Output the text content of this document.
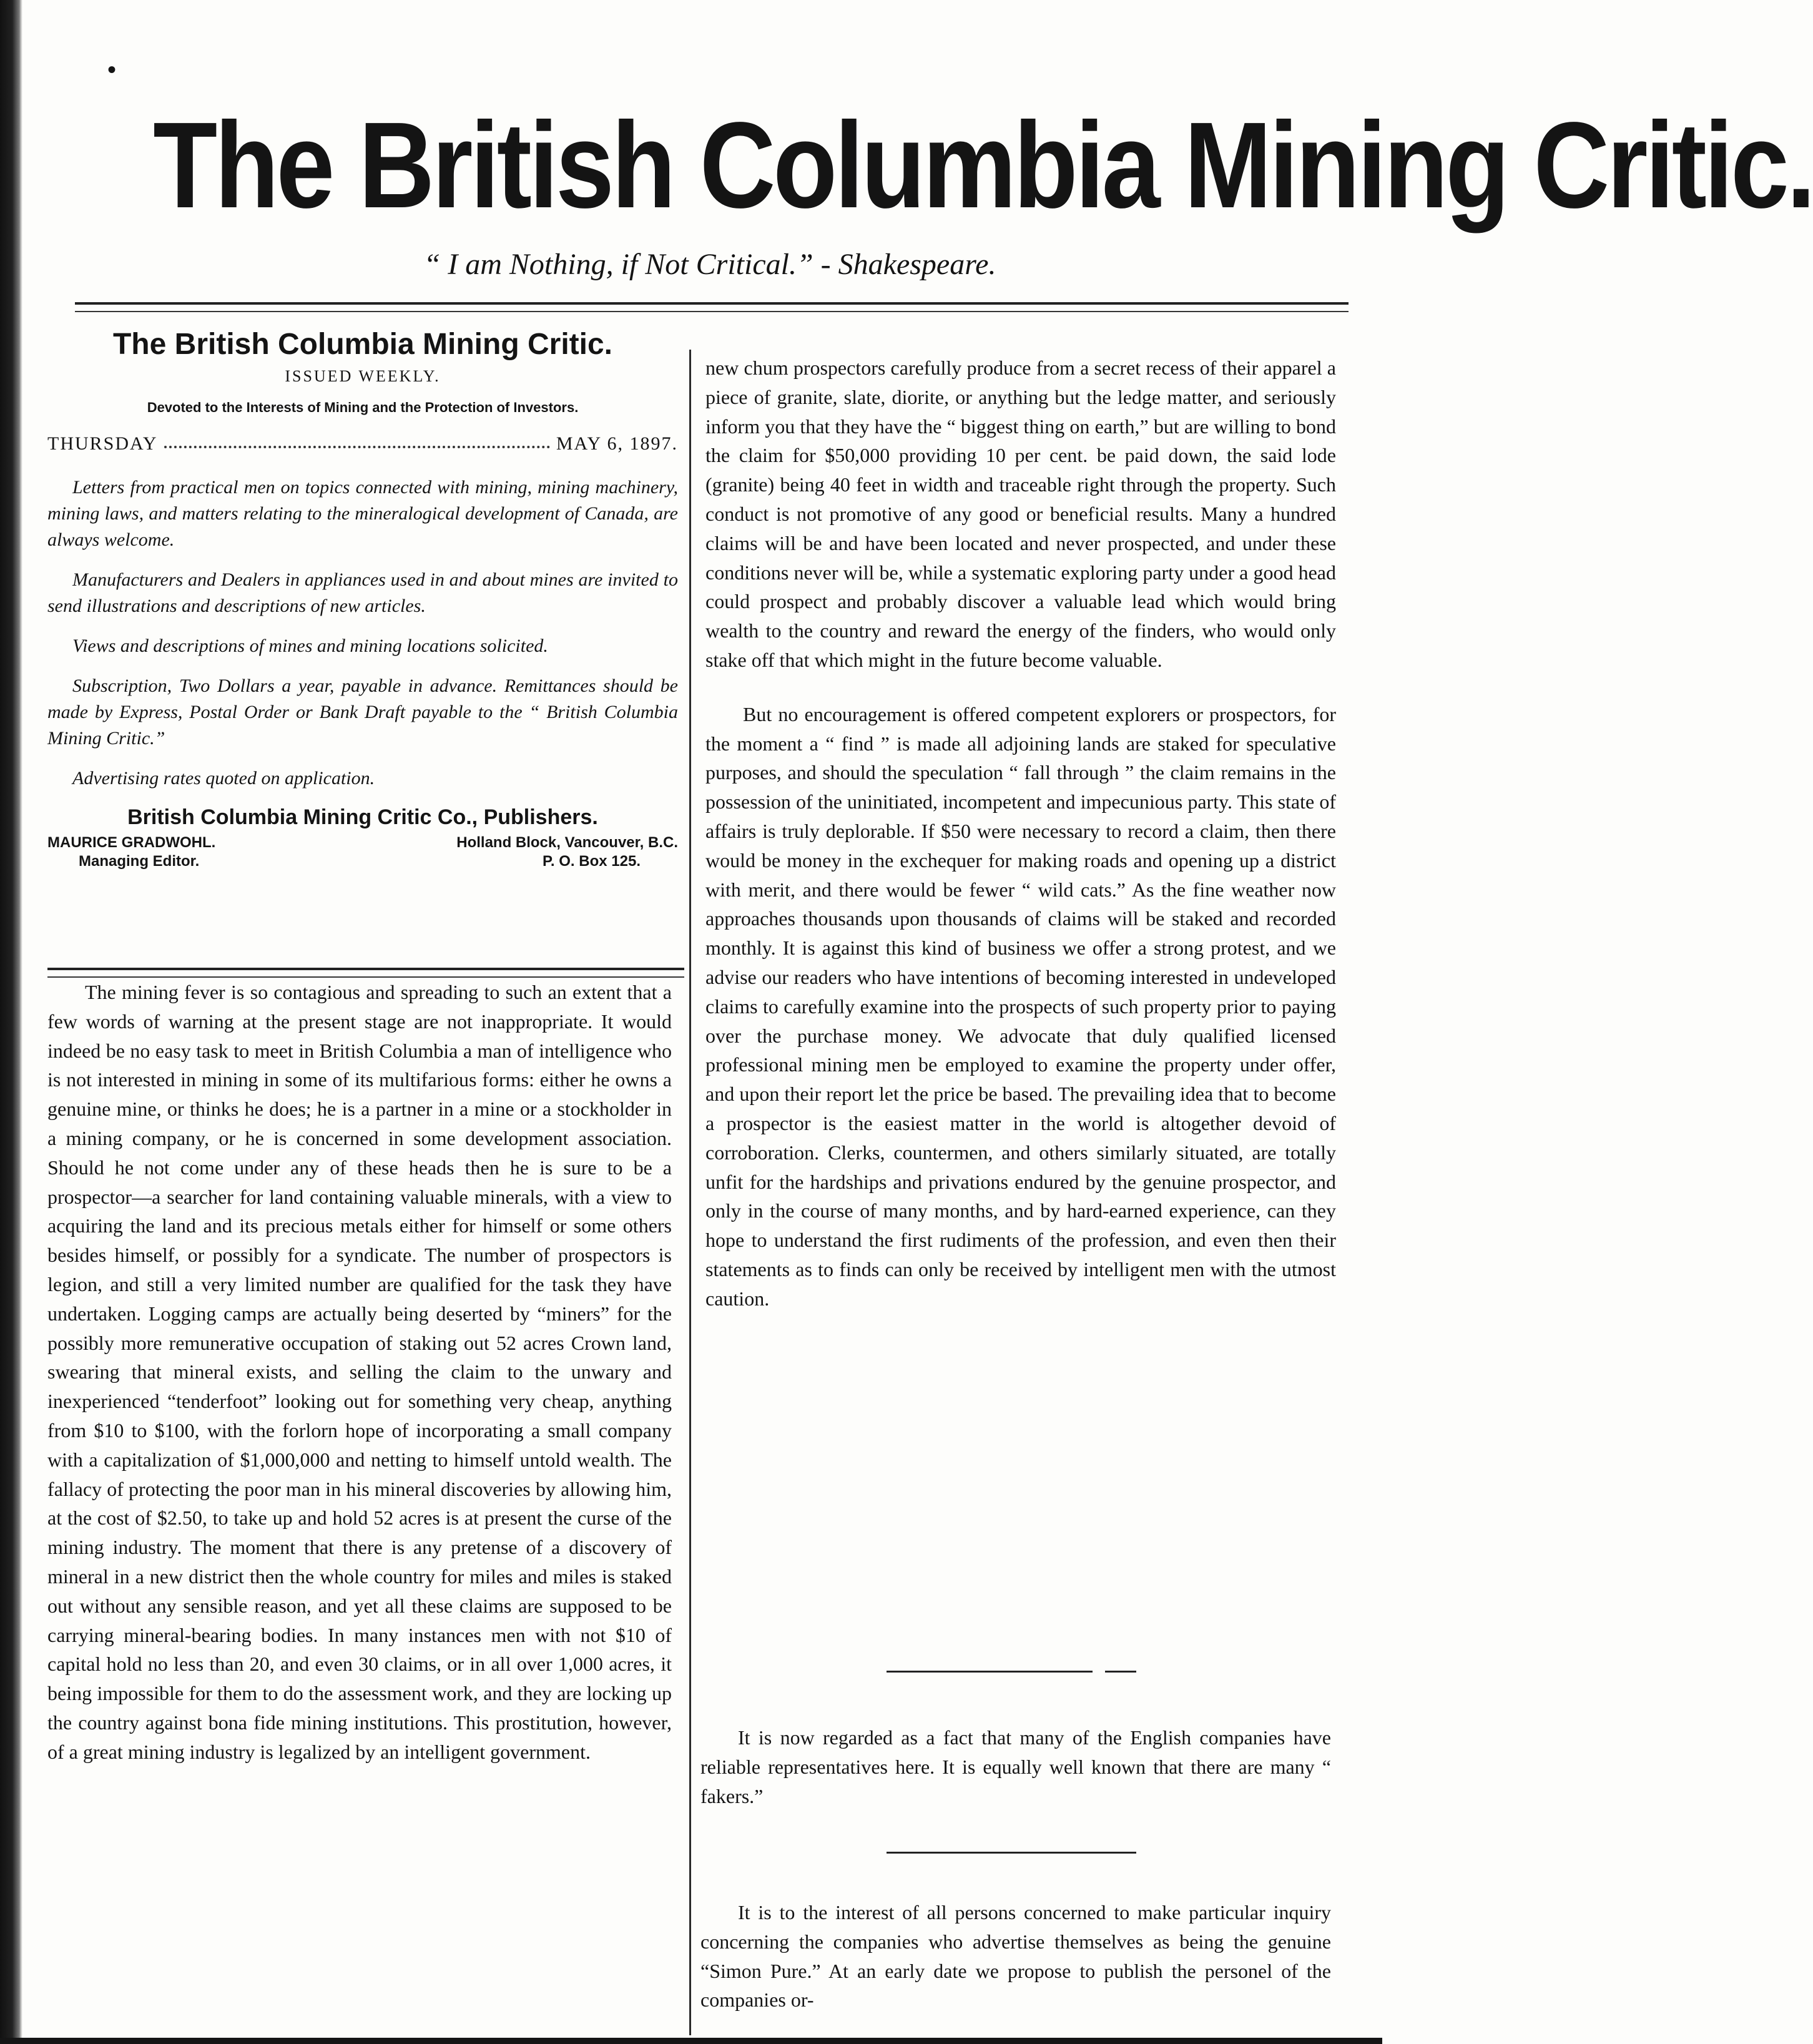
•
The British Columbia Mining Critic.
“ I am Nothing, if Not Critical.” - Shakespeare.
The British Columbia Mining Critic.
ISSUED WEEKLY.
Devoted to the Interests of Mining and the Protection of Investors.
THURSDAY	MAY 6, 1897.

Letters from practical men on topics connected with mining, mining machinery, mining laws, and matters relating to the mineralogical development of Canada, are always welcome.

Manufacturers and Dealers in appliances used in and about mines are invited to send illustrations and descriptions of new articles.

Views and descriptions of mines and mining locations solicited.

Subscription, Two Dollars a year, payable in advance. Remittances should be made by Express, Postal Order or Bank Draft payable to the “ British Columbia Mining Critic.”

Advertising rates quoted on application.

British Columbia Mining Critic Co., Publishers.
MAURICE GRADWOHL.
Managing Editor.
Holland Block, Vancouver, B.C.
P. O. Box 125.

The mining fever is so contagious and spreading to such an extent that a few words of warning at the present stage are not inappropriate. It would indeed be no easy task to meet in British Columbia a man of intelligence who is not interested in mining in some of its multifarious forms: either he owns a genuine mine, or thinks he does; he is a partner in a mine or a stockholder in a mining company, or he is concerned in some development association. Should he not come under any of these heads then he is sure to be a prospector—a searcher for land containing valuable minerals, with a view to acquiring the land and its precious metals either for himself or some others besides himself, or possibly for a syndicate. The number of prospectors is legion, and still a very limited number are qualified for the task they have undertaken. Logging camps are actually being deserted by “miners” for the possibly more remunerative occupation of staking out 52 acres Crown land, swearing that mineral exists, and selling the claim to the unwary and inexperienced “tenderfoot” looking out for something very cheap, anything from $10 to $100, with the forlorn hope of incorporating a small company with a capitalization of $1,000,000 and netting to himself untold wealth. The fallacy of protecting the poor man in his mineral discoveries by allowing him, at the cost of $2.50, to take up and hold 52 acres is at present the curse of the mining industry. The moment that there is any pretense of a discovery of mineral in a new district then the whole country for miles and miles is staked out without any sensible reason, and yet all these claims are supposed to be carrying mineral-bearing bodies. In many instances men with not $10 of capital hold no less than 20, and even 30 claims, or in all over 1,000 acres, it being impossible for them to do the assessment work, and they are locking up the country against bona fide mining institutions. This prostitution, however, of a great mining industry is legalized by an intelligent government.

new chum prospectors carefully produce from a secret recess of their apparel a piece of granite, slate, diorite, or anything but the ledge matter, and seriously inform you that they have the “ biggest thing on earth,” but are willing to bond the claim for $50,000 providing 10 per cent. be paid down, the said lode (granite) being 40 feet in width and traceable right through the property. Such conduct is not promotive of any good or beneficial results. Many a hundred claims will be and have been located and never prospected, and under these conditions never will be, while a systematic exploring party under a good head could prospect and probably discover a valuable lead which would bring wealth to the country and reward the energy of the finders, who would only stake off that which might in the future become valuable.

But no encouragement is offered competent explorers or prospectors, for the moment a “ find ” is made all adjoining lands are staked for speculative purposes, and should the speculation “ fall through ” the claim remains in the possession of the uninitiated, incompetent and impecunious party. This state of affairs is truly deplorable. If $50 were necessary to record a claim, then there would be money in the exchequer for making roads and opening up a district with merit, and there would be fewer “ wild cats.” As the fine weather now approaches thousands upon thousands of claims will be staked and recorded monthly. It is against this kind of business we offer a strong protest, and we advise our readers who have intentions of becoming interested in undeveloped claims to carefully examine into the prospects of such property prior to paying over the purchase money. We advocate that duly qualified licensed professional mining men be employed to examine the property under offer, and upon their report let the price be based. The prevailing idea that to become a prospector is the easiest matter in the world is altogether devoid of corroboration. Clerks, countermen, and others similarly situated, are totally unfit for the hardships and privations endured by the genuine prospector, and only in the course of many months, and by hard-earned experience, can they hope to understand the first rudiments of the profession, and even then their statements as to finds can only be received by intelligent men with the utmost caution.

It is now regarded as a fact that many of the English companies have reliable representatives here. It is equally well known that there are many “ fakers.”

It is to the interest of all persons concerned to make particular inquiry concerning the companies who advertise themselves as being the genuine “Simon Pure.” At an early date we propose to publish the personel of the companies or-
